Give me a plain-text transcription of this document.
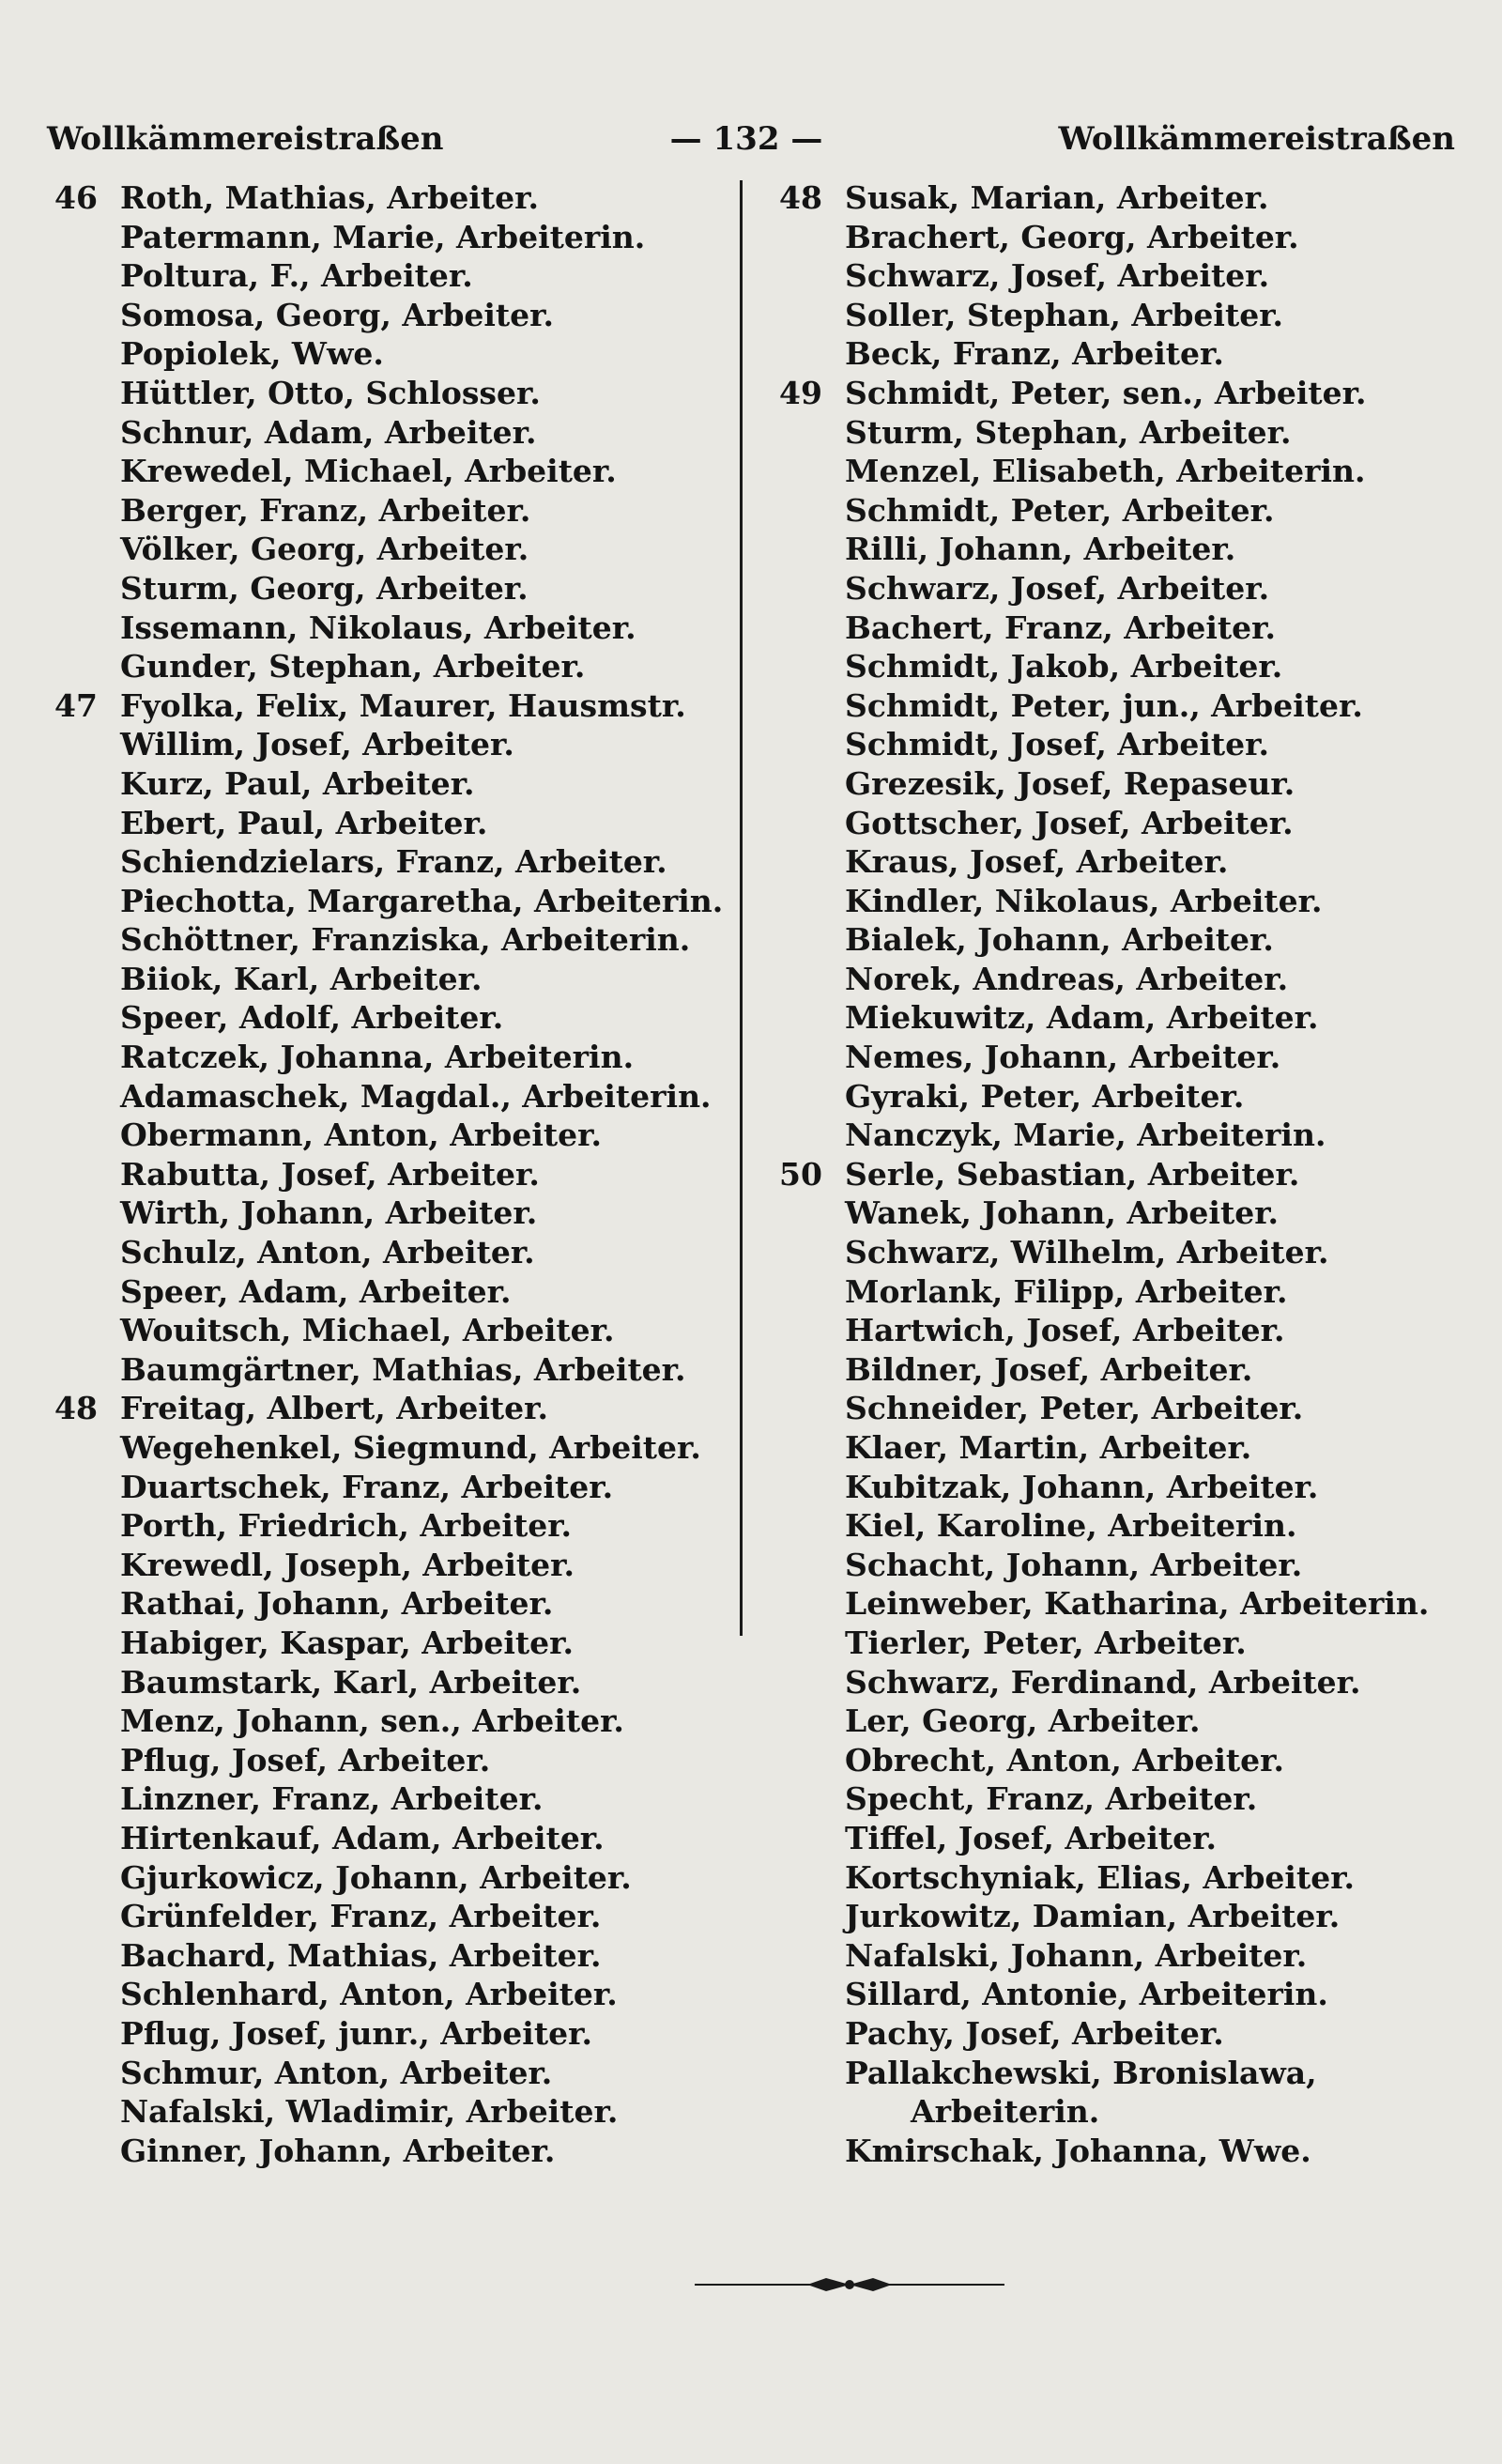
Wollkämmereistraßen	— 132 —	Wollkämmereistraßen
46 Roth, Mathias, Arbeiter.
Patermann, Marie, Arbeiterin.
Poltura, F., Arbeiter.
Somosa, Georg, Arbeiter.
Popiolek, Wwe.
Hüttler, Otto, Schlosser.
Schnur, Adam, Arbeiter.
Krewedel, Michael, Arbeiter.
Berger, Franz, Arbeiter.
Völker, Georg, Arbeiter.
Sturm, Georg, Arbeiter.
Issemann, Nikolaus, Arbeiter.
Gunder, Stephan, Arbeiter.
47 Fyolka, Felix, Maurer, Hausmstr.
Willim, Josef, Arbeiter.
Kurz, Paul, Arbeiter.
Ebert, Paul, Arbeiter.
Schiendzielars, Franz, Arbeiter.
Piechotta, Margaretha, Arbeiterin.
Schöttner, Franziska, Arbeiterin.
Biiok, Karl, Arbeiter.
Speer, Adolf, Arbeiter.
Ratczek, Johanna, Arbeiterin.
Adamaschek, Magdal., Arbeiterin.
Obermann, Anton, Arbeiter.
Rabutta, Josef, Arbeiter.
Wirth, Johann, Arbeiter.
Schulz, Anton, Arbeiter.
Speer, Adam, Arbeiter.
Wouitsch, Michael, Arbeiter.
Baumgärtner, Mathias, Arbeiter.
48 Freitag, Albert, Arbeiter.
Wegehenkel, Siegmund, Arbeiter.
Duartschek, Franz, Arbeiter.
Porth, Friedrich, Arbeiter.
Krewedl, Joseph, Arbeiter.
Rathai, Johann, Arbeiter.
Habiger, Kaspar, Arbeiter.
Baumstark, Karl, Arbeiter.
Menz, Johann, sen., Arbeiter.
Pflug, Josef, Arbeiter.
Linzner, Franz, Arbeiter.
Hirtenkauf, Adam, Arbeiter.
Gjurkowicz, Johann, Arbeiter.
Grünfelder, Franz, Arbeiter.
Bachard, Mathias, Arbeiter.
Schlenhard, Anton, Arbeiter.
Pflug, Josef, junr., Arbeiter.
Schmur, Anton, Arbeiter.
Nafalski, Wladimir, Arbeiter.
Ginner, Johann, Arbeiter.
48 Susak, Marian, Arbeiter.
Brachert, Georg, Arbeiter.
Schwarz, Josef, Arbeiter.
Soller, Stephan, Arbeiter.
Beck, Franz, Arbeiter.
49 Schmidt, Peter, sen., Arbeiter.
Sturm, Stephan, Arbeiter.
Menzel, Elisabeth, Arbeiterin.
Schmidt, Peter, Arbeiter.
Rilli, Johann, Arbeiter.
Schwarz, Josef, Arbeiter.
Bachert, Franz, Arbeiter.
Schmidt, Jakob, Arbeiter.
Schmidt, Peter, jun., Arbeiter.
Schmidt, Josef, Arbeiter.
Grezesik, Josef, Repaseur.
Gottscher, Josef, Arbeiter.
Kraus, Josef, Arbeiter.
Kindler, Nikolaus, Arbeiter.
Bialek, Johann, Arbeiter.
Norek, Andreas, Arbeiter.
Miekuwitz, Adam, Arbeiter.
Nemes, Johann, Arbeiter.
Gyraki, Peter, Arbeiter.
Nanczyk, Marie, Arbeiterin.
50 Serle, Sebastian, Arbeiter.
Wanek, Johann, Arbeiter.
Schwarz, Wilhelm, Arbeiter.
Morlank, Filipp, Arbeiter.
Hartwich, Josef, Arbeiter.
Bildner, Josef, Arbeiter.
Schneider, Peter, Arbeiter.
Klaer, Martin, Arbeiter.
Kubitzak, Johann, Arbeiter.
Kiel, Karoline, Arbeiterin.
Schacht, Johann, Arbeiter.
Leinweber, Katharina, Arbeiterin.
Tierler, Peter, Arbeiter.
Schwarz, Ferdinand, Arbeiter.
Ler, Georg, Arbeiter.
Obrecht, Anton, Arbeiter.
Specht, Franz, Arbeiter.
Tiffel, Josef, Arbeiter.
Kortschyniak, Elias, Arbeiter.
Jurkowitz, Damian, Arbeiter.
Nafalski, Johann, Arbeiter.
Sillard, Antonie, Arbeiterin.
Pachy, Josef, Arbeiter.
Pallakchewski, Bronislawa,
Arbeiterin.
Kmirschak, Johanna, Wwe.
